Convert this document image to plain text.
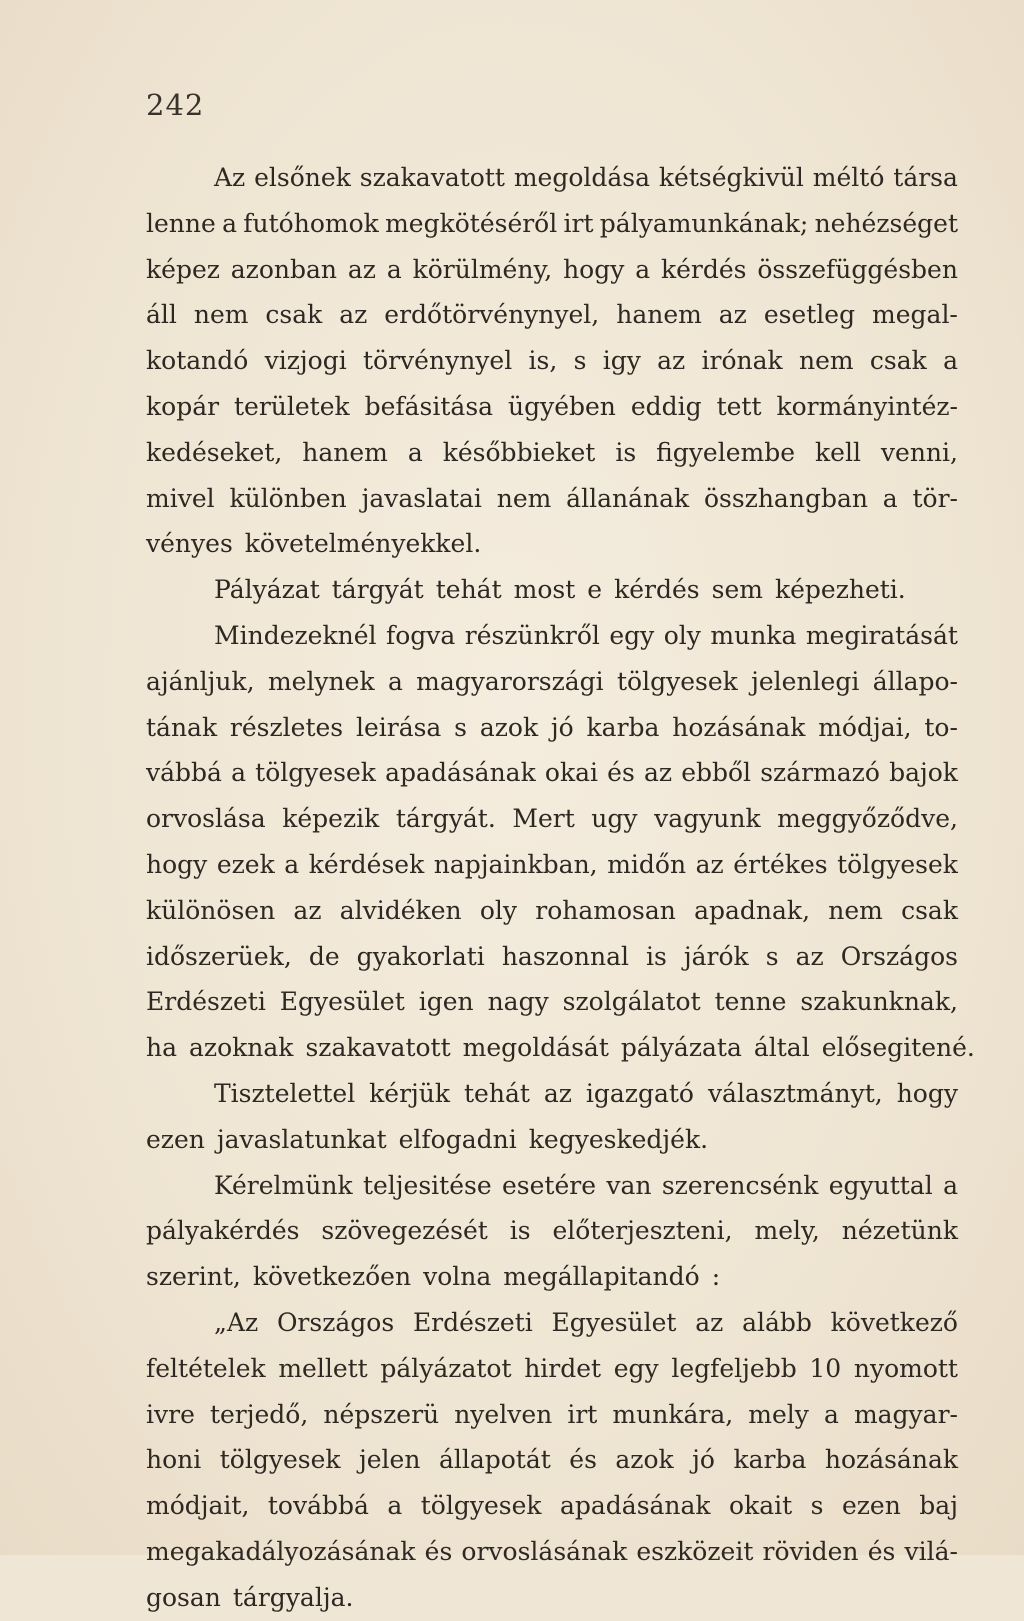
242
Az elsőnek szakavatott megoldása kétségkivül méltó társa
lenne a futóhomok megkötéséről irt pályamunkának; nehézséget
képez azonban az a körülmény, hogy a kérdés összefüggésben
áll nem csak az erdőtörvénynyel, hanem az esetleg megal-
kotandó vizjogi törvénynyel is, s igy az irónak nem csak a
kopár területek befásitása ügyében eddig tett kormányintéz-
kedéseket, hanem a későbbieket is figyelembe kell venni,
mivel különben javaslatai nem állanának összhangban a tör-
vényes követelményekkel.
Pályázat tárgyát tehát most e kérdés sem képezheti.
Mindezeknél fogva részünkről egy oly munka megiratását
ajánljuk, melynek a magyarországi tölgyesek jelenlegi állapo-
tának részletes leirása s azok jó karba hozásának módjai, to-
vábbá a tölgyesek apadásának okai és az ebből származó bajok
orvoslása képezik tárgyát. Mert ugy vagyunk meggyőződve,
hogy ezek a kérdések napjainkban, midőn az értékes tölgyesek
különösen az alvidéken oly rohamosan apadnak, nem csak
időszerüek, de gyakorlati haszonnal is járók s az Országos
Erdészeti Egyesület igen nagy szolgálatot tenne szakunknak,
ha azoknak szakavatott megoldását pályázata által elősegitené.
Tisztelettel kérjük tehát az igazgató választmányt, hogy
ezen javaslatunkat elfogadni kegyeskedjék.
Kérelmünk teljesitése esetére van szerencsénk egyuttal a
pályakérdés szövegezését is előterjeszteni, mely, nézetünk
szerint, következően volna megállapitandó :
„Az Országos Erdészeti Egyesület az alább következő
feltételek mellett pályázatot hirdet egy legfeljebb 10 nyomott
ivre terjedő, népszerü nyelven irt munkára, mely a magyar-
honi tölgyesek jelen állapotát és azok jó karba hozásának
módjait, továbbá a tölgyesek apadásának okait s ezen baj
megakadályozásának és orvoslásának eszközeit röviden és vilá-
gosan tárgyalja.
